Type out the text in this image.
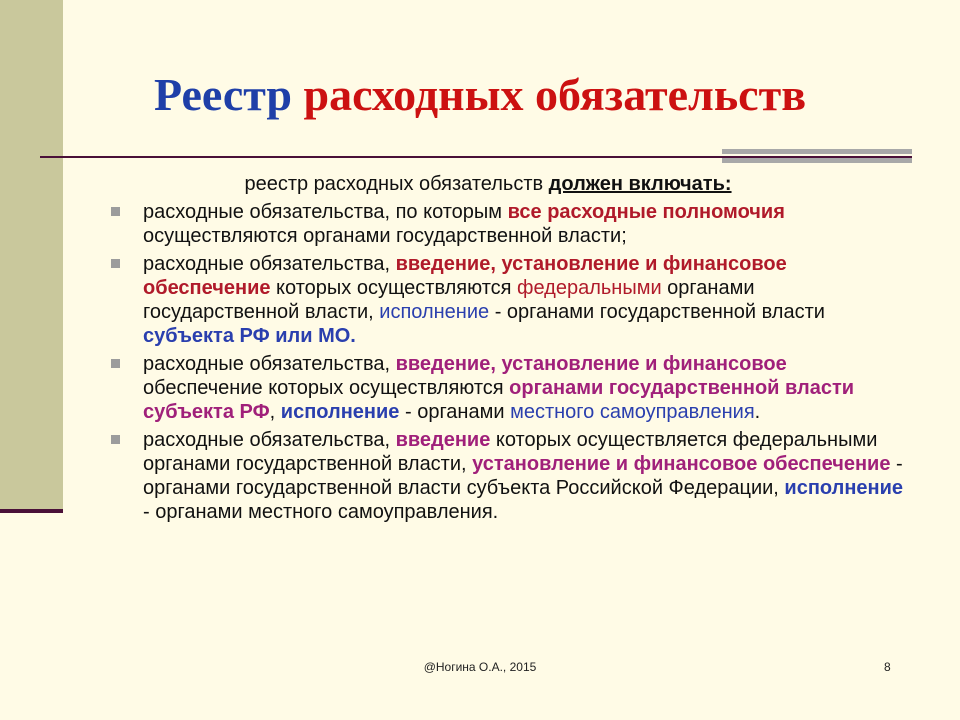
Реестр расходных обязательств

реестр расходных обязательств должен включать:

расходные обязательства, по которым все расходные полномочия осуществляются органами государственной власти;
расходные обязательства, введение, установление и финансовое обеспечение которых осуществляются федеральными органами государственной власти, исполнение - органами государственной власти субъекта РФ или МО.
расходные обязательства, введение, установление и финансовое обеспечение которых осуществляются органами государственной власти субъекта РФ, исполнение - органами местного самоуправления.
расходные обязательства, введение которых осуществляется федеральными органами государственной власти, установление и финансовое обеспечение - органами государственной власти субъекта Российской Федерации, исполнение - органами местного самоуправления.
@Ногина О.А., 2015	8
